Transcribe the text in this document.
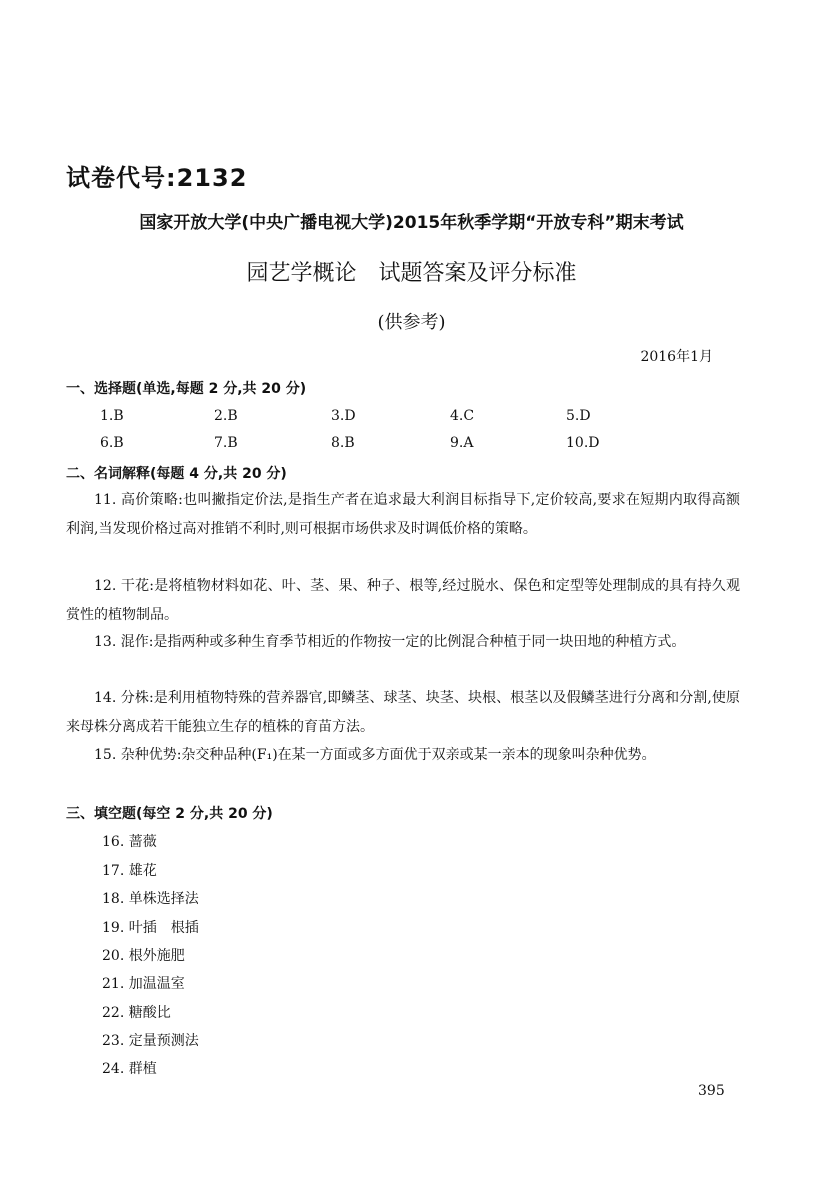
试卷代号:2132
国家开放大学(中央广播电视大学)2015年秋季学期“开放专科”期末考试
园艺学概论　试题答案及评分标准
(供参考)
2016年1月
一、选择题(单选,每题 2 分,共 20 分)
1.B	2.B	3.D	4.C	5.D
6.B	7.B	8.B	9.A	10.D
二、名词解释(每题 4 分,共 20 分)
11. 高价策略:也叫撇指定价法,是指生产者在追求最大利润目标指导下,定价较高,要求在短期内取得高额利润,当发现价格过高对推销不利时,则可根据市场供求及时调低价格的策略。
12. 干花:是将植物材料如花、叶、茎、果、种子、根等,经过脱水、保色和定型等处理制成的具有持久观赏性的植物制品。
13. 混作:是指两种或多种生育季节相近的作物按一定的比例混合种植于同一块田地的种植方式。
14. 分株:是利用植物特殊的营养器官,即鳞茎、球茎、块茎、块根、根茎以及假鳞茎进行分离和分割,使原来母株分离成若干能独立生存的植株的育苗方法。
15. 杂种优势:杂交种品种(F₁)在某一方面或多方面优于双亲或某一亲本的现象叫杂种优势。
三、填空题(每空 2 分,共 20 分)
16. 蔷薇
17. 雄花
18. 单株选择法
19. 叶插　根插
20. 根外施肥
21. 加温温室
22. 糖酸比
23. 定量预测法
24. 群植
395
